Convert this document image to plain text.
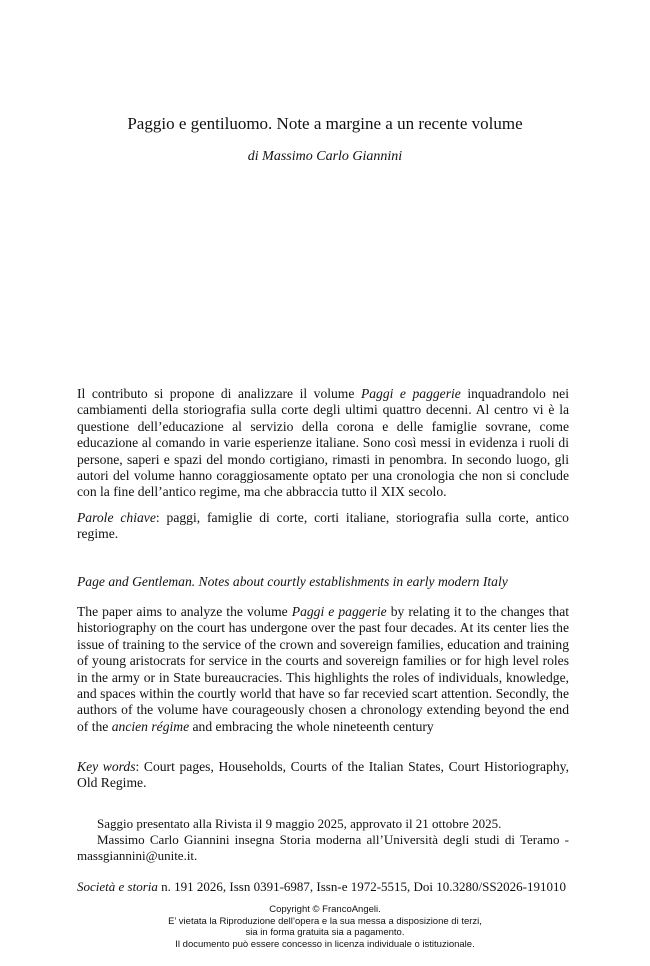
Paggio e gentiluomo. Note a margine a un recente volume
di Massimo Carlo Giannini
Il contributo si propone di analizzare il volume Paggi e paggerie inquadrandolo nei cambiamenti della storiografia sulla corte degli ultimi quattro decenni. Al centro vi è la questione dell’educazione al servizio della corona e delle famiglie sovrane, come educazione al comando in varie esperienze italiane. Sono così messi in evidenza i ruoli di persone, saperi e spazi del mondo cortigiano, rimasti in penombra. In secondo luogo, gli autori del volume hanno coraggiosamente optato per una cronologia che non si conclude con la fine dell’antico regime, ma che abbraccia tutto il XIX secolo.
Parole chiave: paggi, famiglie di corte, corti italiane, storiografia sulla corte, antico regime.
Page and Gentleman. Notes about courtly establishments in early modern Italy
The paper aims to analyze the volume Paggi e paggerie by relating it to the changes that historiography on the court has undergone over the past four decades. At its center lies the issue of training to the service of the crown and sovereign families, education and training of young aristocrats for service in the courts and sovereign families or for high level roles in the army or in State bureaucracies. This highlights the roles of individuals, knowledge, and spaces within the courtly world that have so far recevied scart attention. Secondly, the authors of the volume have courageously chosen a chronology extending beyond the end of the ancien régime and embracing the whole nineteenth century
Key words: Court pages, Households, Courts of the Italian States, Court Historiography, Old Regime.

Saggio presentato alla Rivista il 9 maggio 2025, approvato il 21 ottobre 2025.

Massimo Carlo Giannini insegna Storia moderna all’Università degli studi di Teramo - massgiannini@unite.it.

Società e storia n. 191 2026, Issn 0391-6987, Issn-e 1972-5515, Doi 10.3280/SS2026-191010
Copyright © FrancoAngeli.
E’ vietata la Riproduzione dell’opera e la sua messa a disposizione di terzi,
sia in forma gratuita sia a pagamento.
Il documento può essere concesso in licenza individuale o istituzionale.
